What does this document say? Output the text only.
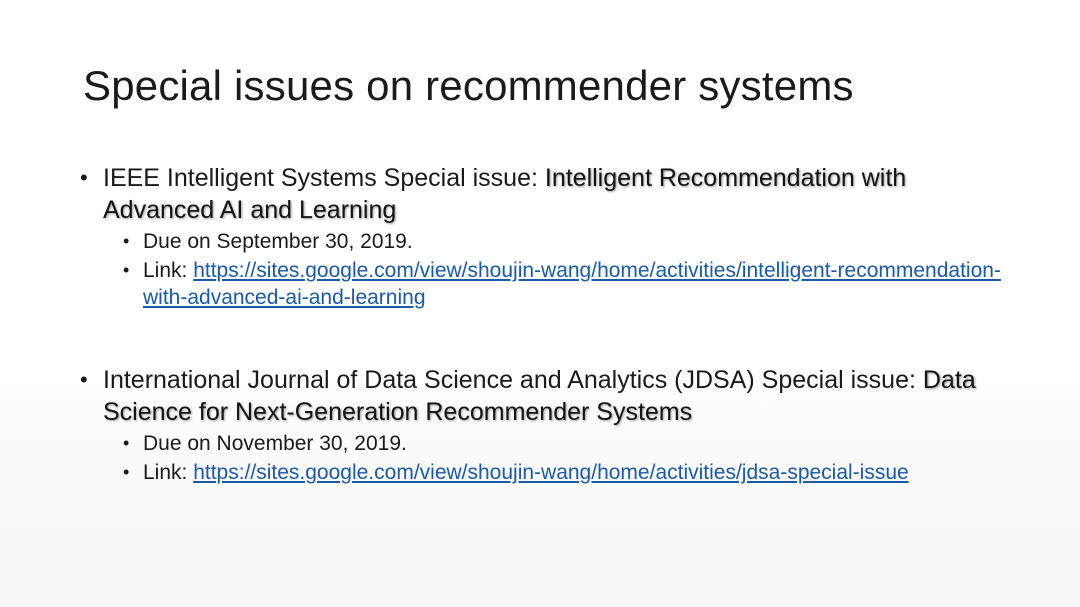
Special issues on recommender systems
• IEEE Intelligent Systems Special issue: Intelligent Recommendation with Advanced AI and Learning
• Due on September 30, 2019.
• Link: https://sites.google.com/view/shoujin-wang/home/activities/intelligent-recommendation-with-advanced-ai-and-learning
• International Journal of Data Science and Analytics (JDSA) Special issue: Data Science for Next-Generation Recommender Systems
• Due on November 30, 2019.
• Link: https://sites.google.com/view/shoujin-wang/home/activities/jdsa-special-issue
